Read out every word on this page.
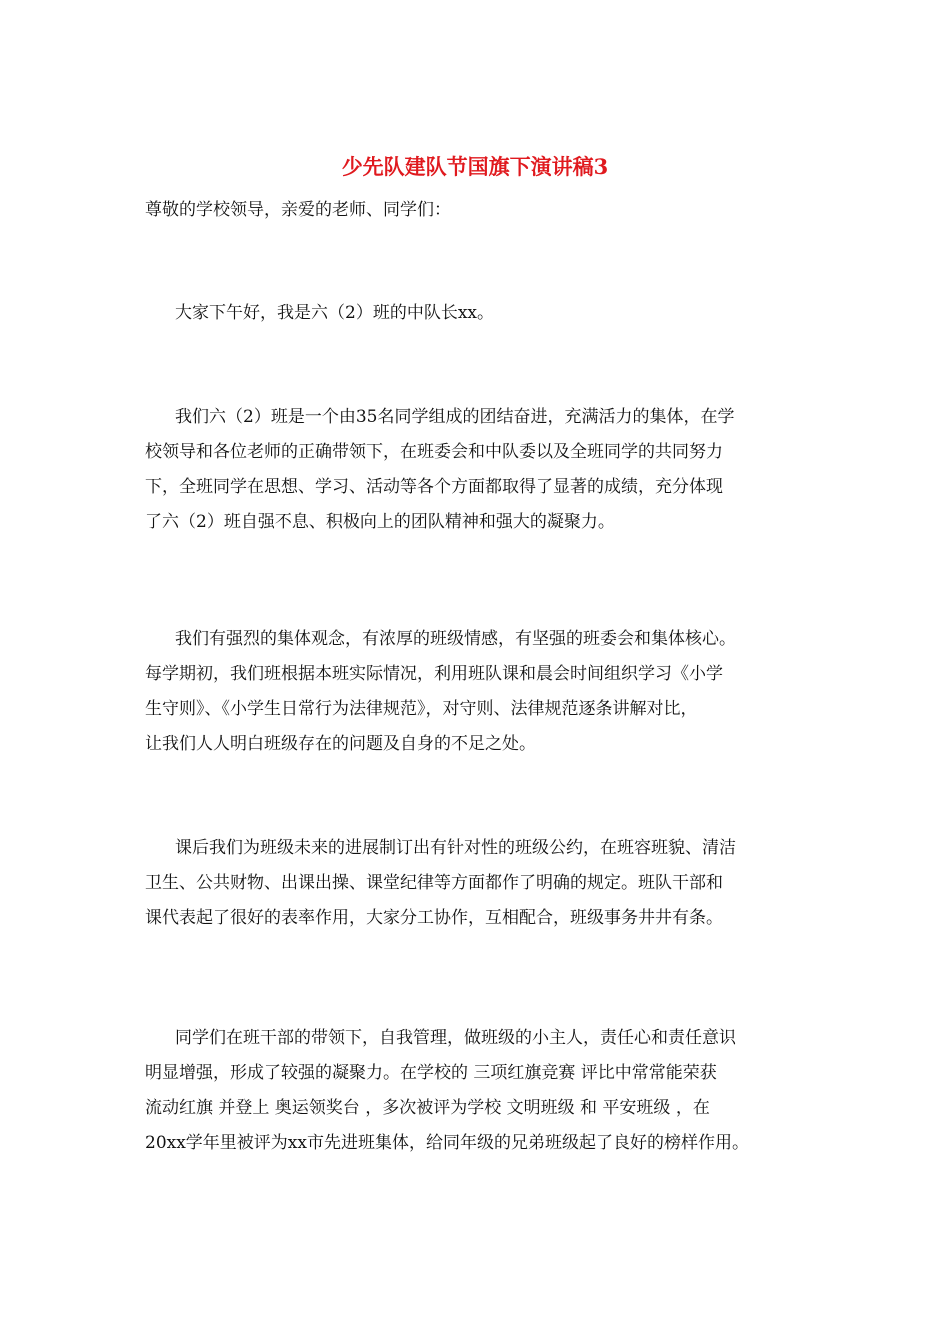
少先队建队节国旗下演讲稿3
尊敬的学校领导，亲爱的老师、同学们：
大家下午好，我是六（2）班的中队长xx。
我们六（2）班是一个由35名同学组成的团结奋进，充满活力的集体，在学
校领导和各位老师的正确带领下，在班委会和中队委以及全班同学的共同努力
下，全班同学在思想、学习、活动等各个方面都取得了显著的成绩，充分体现
了六（2）班自强不息、积极向上的团队精神和强大的凝聚力。
我们有强烈的集体观念，有浓厚的班级情感，有坚强的班委会和集体核心。
每学期初，我们班根据本班实际情况，利用班队课和晨会时间组织学习《小学
生守则》、《小学生日常行为法律规范》，对守则、法律规范逐条讲解对比，
让我们人人明白班级存在的问题及自身的不足之处。
课后我们为班级未来的进展制订出有针对性的班级公约，在班容班貌、清洁
卫生、公共财物、出课出操、课堂纪律等方面都作了明确的规定。班队干部和
课代表起了很好的表率作用，大家分工协作，互相配合，班级事务井井有条。
同学们在班干部的带领下，自我管理，做班级的小主人，责任心和责任意识
明显增强，形成了较强的凝聚力。在学校的 三项红旗竞赛 评比中常常能荣获
流动红旗 并登上 奥运领奖台 ，多次被评为学校 文明班级 和 平安班级 ，在
20xx学年里被评为xx市先进班集体，给同年级的兄弟班级起了良好的榜样作用。
